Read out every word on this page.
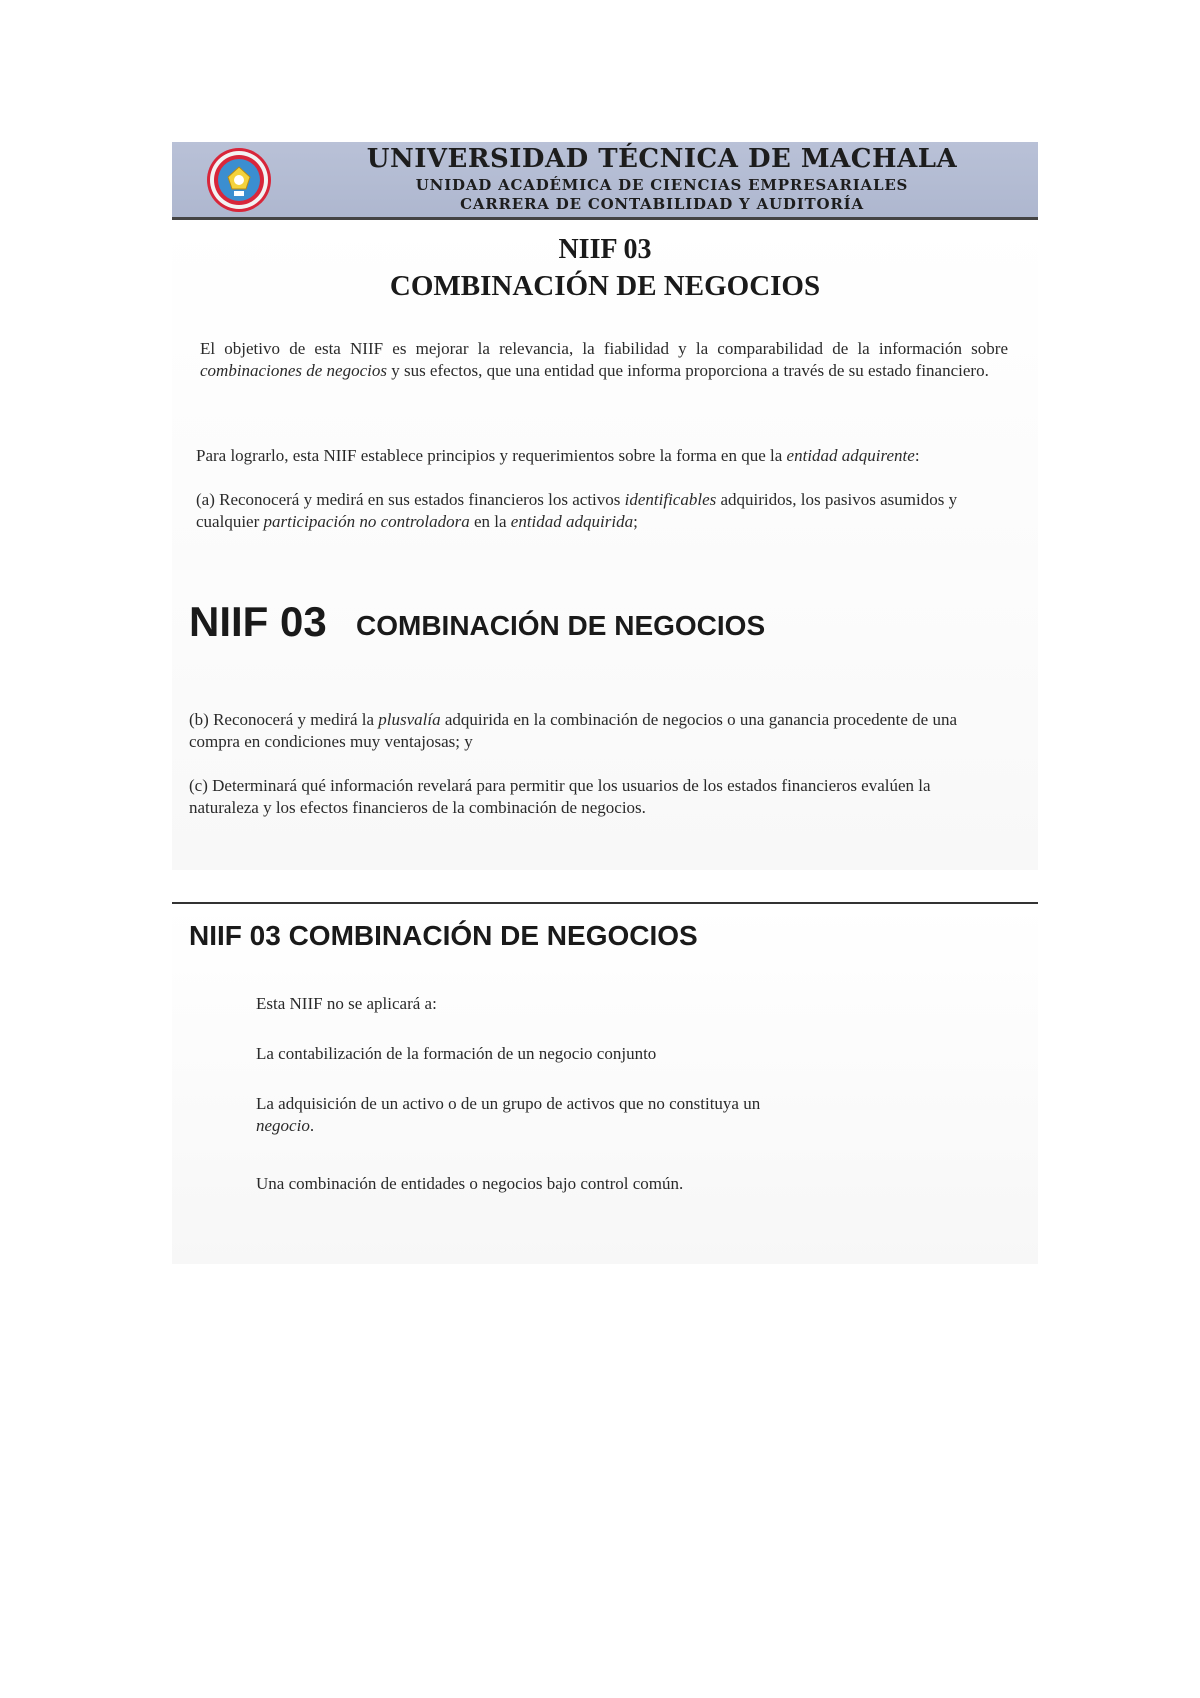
UNIVERSIDAD TÉCNICA DE MACHALA
UNIDAD ACADÉMICA DE CIENCIAS EMPRESARIALES
CARRERA DE CONTABILIDAD Y AUDITORÍA
NIIF 03
COMBINACIÓN DE NEGOCIOS
El objetivo de esta NIIF es mejorar la relevancia, la fiabilidad y la comparabilidad de la información sobre combinaciones de negocios y sus efectos, que una entidad que informa proporciona a través de su estado financiero.
Para lograrlo, esta NIIF establece principios y requerimientos sobre la forma en que la entidad adquirente:
(a) Reconocerá y medirá en sus estados financieros los activos identificables adquiridos, los pasivos asumidos y cualquier participación no controladora en la entidad adquirida;
NIIF 03 COMBINACIÓN DE NEGOCIOS
(b) Reconocerá y medirá la plusvalía adquirida en la combinación de negocios o una ganancia procedente de una compra en condiciones muy ventajosas; y
(c) Determinará qué información revelará para permitir que los usuarios de los estados financieros evalúen la naturaleza y los efectos financieros de la combinación de negocios.
NIIF 03 COMBINACIÓN DE NEGOCIOS
Esta NIIF no se aplicará a:
La contabilización de la formación de un negocio conjunto
La adquisición de un activo o de un grupo de activos que no constituya un negocio.
Una combinación de entidades o negocios bajo control común.
